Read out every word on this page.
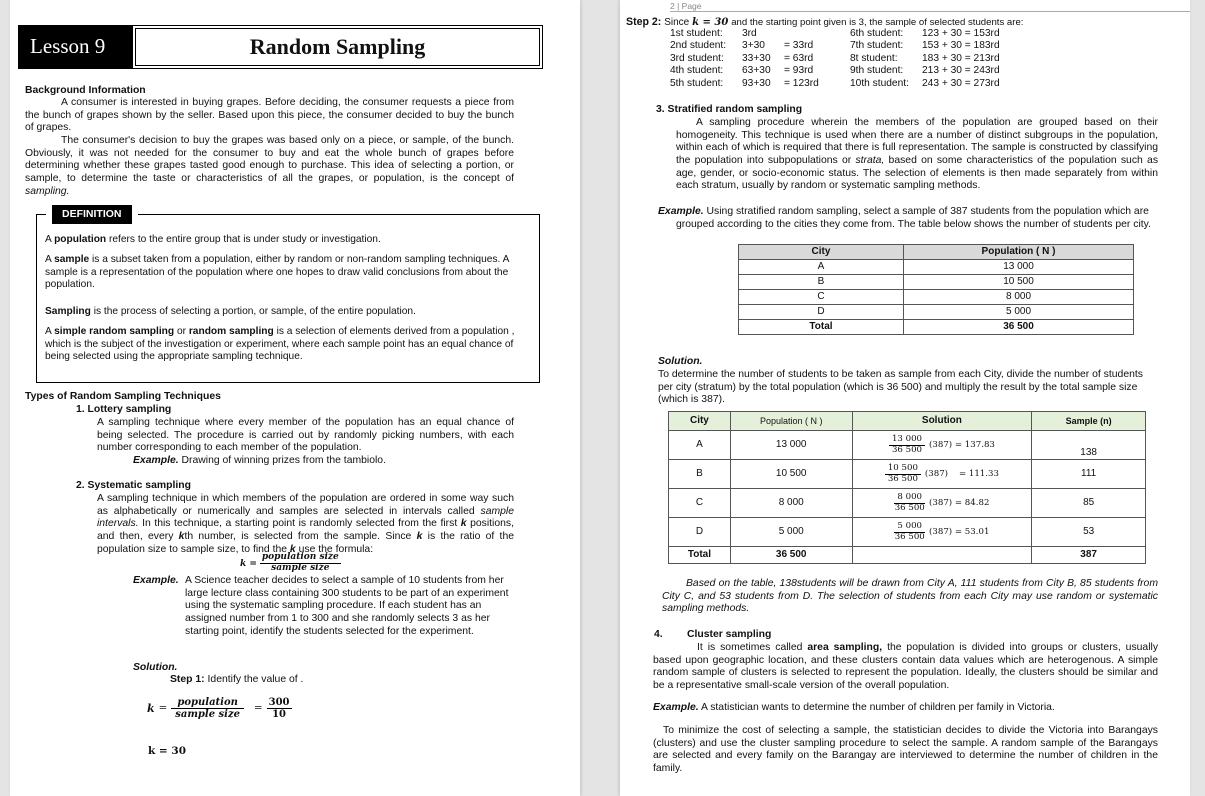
Lesson 9	Random Sampling
Background Information

A consumer is interested in buying grapes. Before deciding, the consumer requests a piece from the bunch of grapes shown by the seller. Based upon this piece, the consumer decided to buy the bunch of grapes.

The consumer's decision to buy the grapes was based only on a piece, or sample, of the bunch. Obviously, it was not needed for the consumer to buy and eat the whole bunch of grapes before determining whether these grapes tasted good enough to purchase. This idea of selecting a portion, or sample, to determine the taste or characteristics of all the grapes, or population, is the concept of sampling.

A population refers to the entire group that is under study or investigation.

A sample is a subset taken from a population, either by random or non-random sampling techniques. A sample is a representation of the population where one hopes to draw valid conclusions from about the population.

Sampling is the process of selecting a portion, or sample, of the entire population.

A simple random sampling or random sampling is a selection of elements derived from a population , which is the subject of the investigation or experiment, where each sample point has an equal chance of being selected using the appropriate sampling technique.

DEFINITION
Types of Random Sampling Techniques
1. Lottery sampling
A sampling technique where every member of the population has an equal chance of being selected. The procedure is carried out by randomly picking numbers, with each number corresponding to each member of the population.
Example. Drawing of winning prizes from the tambiolo.
2. Systematic sampling
A sampling technique in which members of the population are ordered in some way such as alphabetically or numerically and samples are selected in intervals called sample intervals. In this technique, a starting point is randomly selected from the first k positions, and then, every kth number, is selected from the sample. Since k is the ratio of the population size to sample size, to find the k use the formula:
$k = \frac{\text{population size}}{\text{sample size}}$
Example. A Science teacher decides to select a sample of 10 students from her large lecture class containing 300 students to be part of an experiment using the systematic sampling procedure. If each student has an assigned number from 1 to 300 and she randomly selects 3 as her starting point, identify the students selected for the experiment.
Solution.
Step 1: Identify the value of .
$k = \frac{\text{population}}{\text{sample size}} = \frac{300}{10}$
k = 30
2 | Page
Step 2: Since k = 30 and the starting point given is 3, the sample of selected students are:
1st student:	3rd	
2nd student:	3+30	= 33rd
3rd student:	33+30	= 63rd
4th student:	63+30	= 93rd
5th student:	93+30	= 123rd
6th student:	123 + 30 = 153rd
7th student:	153 + 30 = 183rd
8t student:	183 + 30 = 213rd
9th student:	213 + 30 = 243rd
10th student:	243 + 30 = 273rd
3. Stratified random sampling
A sampling procedure wherein the members of the population are grouped based on their homogeneity. This technique is used when there are a number of distinct subgroups in the population, within each of which is required that there is full representation. The sample is constructed by classifying the population into subpopulations or strata, based on some characteristics of the population such as age, gender, or socio-economic status. The selection of elements is then made separately from within each stratum, usually by random or systematic sampling methods.
Example. Using stratified random sampling, select a sample of 387 students from the population which are grouped according to the cities they come from. The table below shows the number of students per city.
City	Population ( N )
A	13 000
B	10 500
C	8 000
D	5 000
Total	36 500
Solution.
To determine the number of students to be taken as sample from each City, divide the number of students per city (stratum) by the total population (which is 36 500) and multiply the result by the total sample size (which is 387).
City	Population ( N )	Solution	Sample (n)
A	13 000	$\frac{13 000}{36 500} (387) = 137.83$	138
B	10 500	$\frac{10 500}{36 500} (387)$    = 111.33	111
C	8 000	$\frac{8 000}{36 500} (387) = 84.82$	85
D	5 000	$\frac{5 000}{36 500} (387) = 53.01$	53
Total	36 500		387
Based on the table, 138students will be drawn from City A, 111 students from City B, 85 students from City C, and 53 students from D. The selection of students from each City may use random or systematic sampling methods.
4. Cluster sampling
It is sometimes called area sampling, the population is divided into groups or clusters, usually based upon geographic location, and these clusters contain data values which are heterogenous. A simple random sample of clusters is selected to represent the population. Ideally, the clusters should be similar and be a representative small-scale version of the overall population.
Example. A statistician wants to determine the number of children per family in Victoria.
To minimize the cost of selecting a sample, the statistician decides to divide the Victoria into Barangays (clusters) and use the cluster sampling procedure to select the sample. A random sample of the Barangays are selected and every family on the Barangay are interviewed to determine the number of children in the family.
